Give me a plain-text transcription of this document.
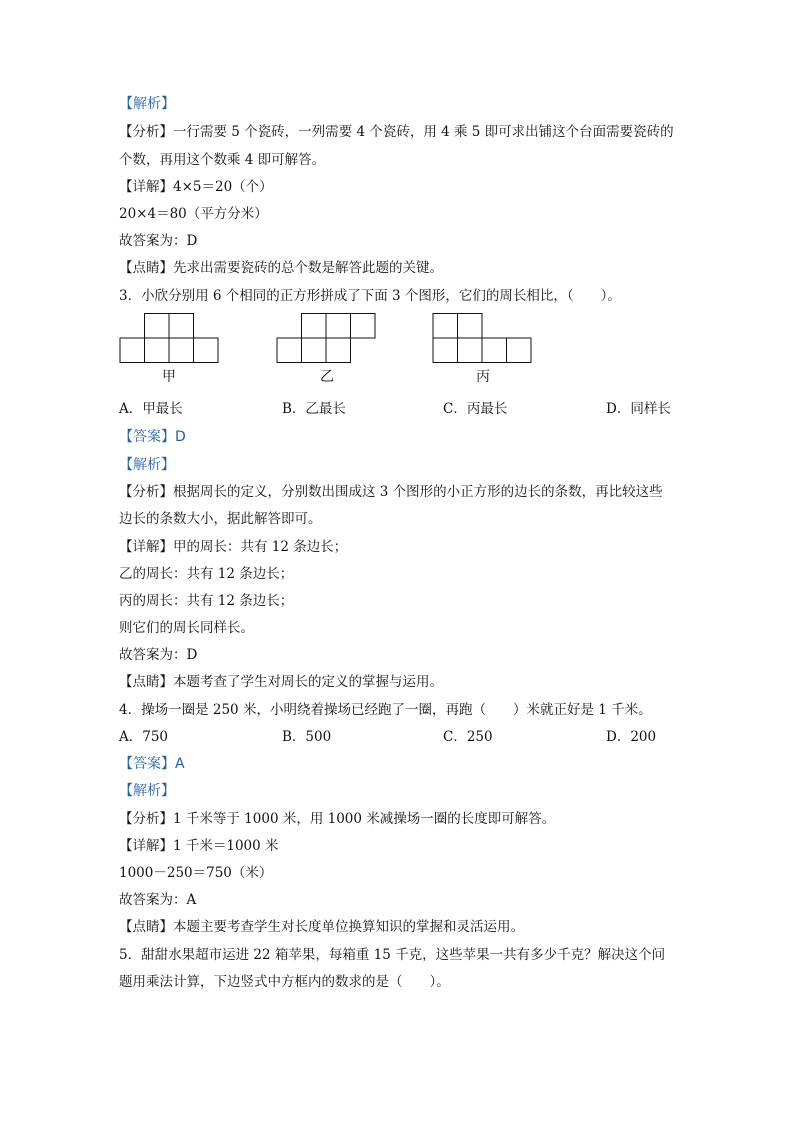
【解析】
【分析】一行需要 5 个瓷砖，一列需要 4 个瓷砖，用 4 乘 5 即可求出铺这个台面需要瓷砖的
个数，再用这个数乘 4 即可解答。
【详解】4×5＝20（个）
20×4＝80（平方分米）
故答案为：D
【点睛】先求出需要瓷砖的总个数是解答此题的关键。
3．小欣分别用 6 个相同的正方形拼成了下面 3 个图形，它们的周长相比，（　　）。
甲	乙	丙
A．甲最长	B．乙最长	C．丙最长	D．同样长
【答案】D
【解析】
【分析】根据周长的定义，分别数出围成这 3 个图形的小正方形的边长的条数，再比较这些
边长的条数大小，据此解答即可。
【详解】甲的周长：共有 12 条边长；
乙的周长：共有 12 条边长；
丙的周长：共有 12 条边长；
则它们的周长同样长。
故答案为：D
【点睛】本题考查了学生对周长的定义的掌握与运用。
4．操场一圈是 250 米，小明绕着操场已经跑了一圈，再跑（　　）米就正好是 1 千米。
A．750	B．500	C．250	D．200
【答案】A
【解析】
【分析】1 千米等于 1000 米，用 1000 米减操场一圈的长度即可解答。
【详解】1 千米＝1000 米
1000－250＝750（米）
故答案为：A
【点睛】本题主要考查学生对长度单位换算知识的掌握和灵活运用。
5．甜甜水果超市运进 22 箱苹果，每箱重 15 千克，这些苹果一共有多少千克？解决这个问
题用乘法计算，下边竖式中方框内的数求的是（　　）。
